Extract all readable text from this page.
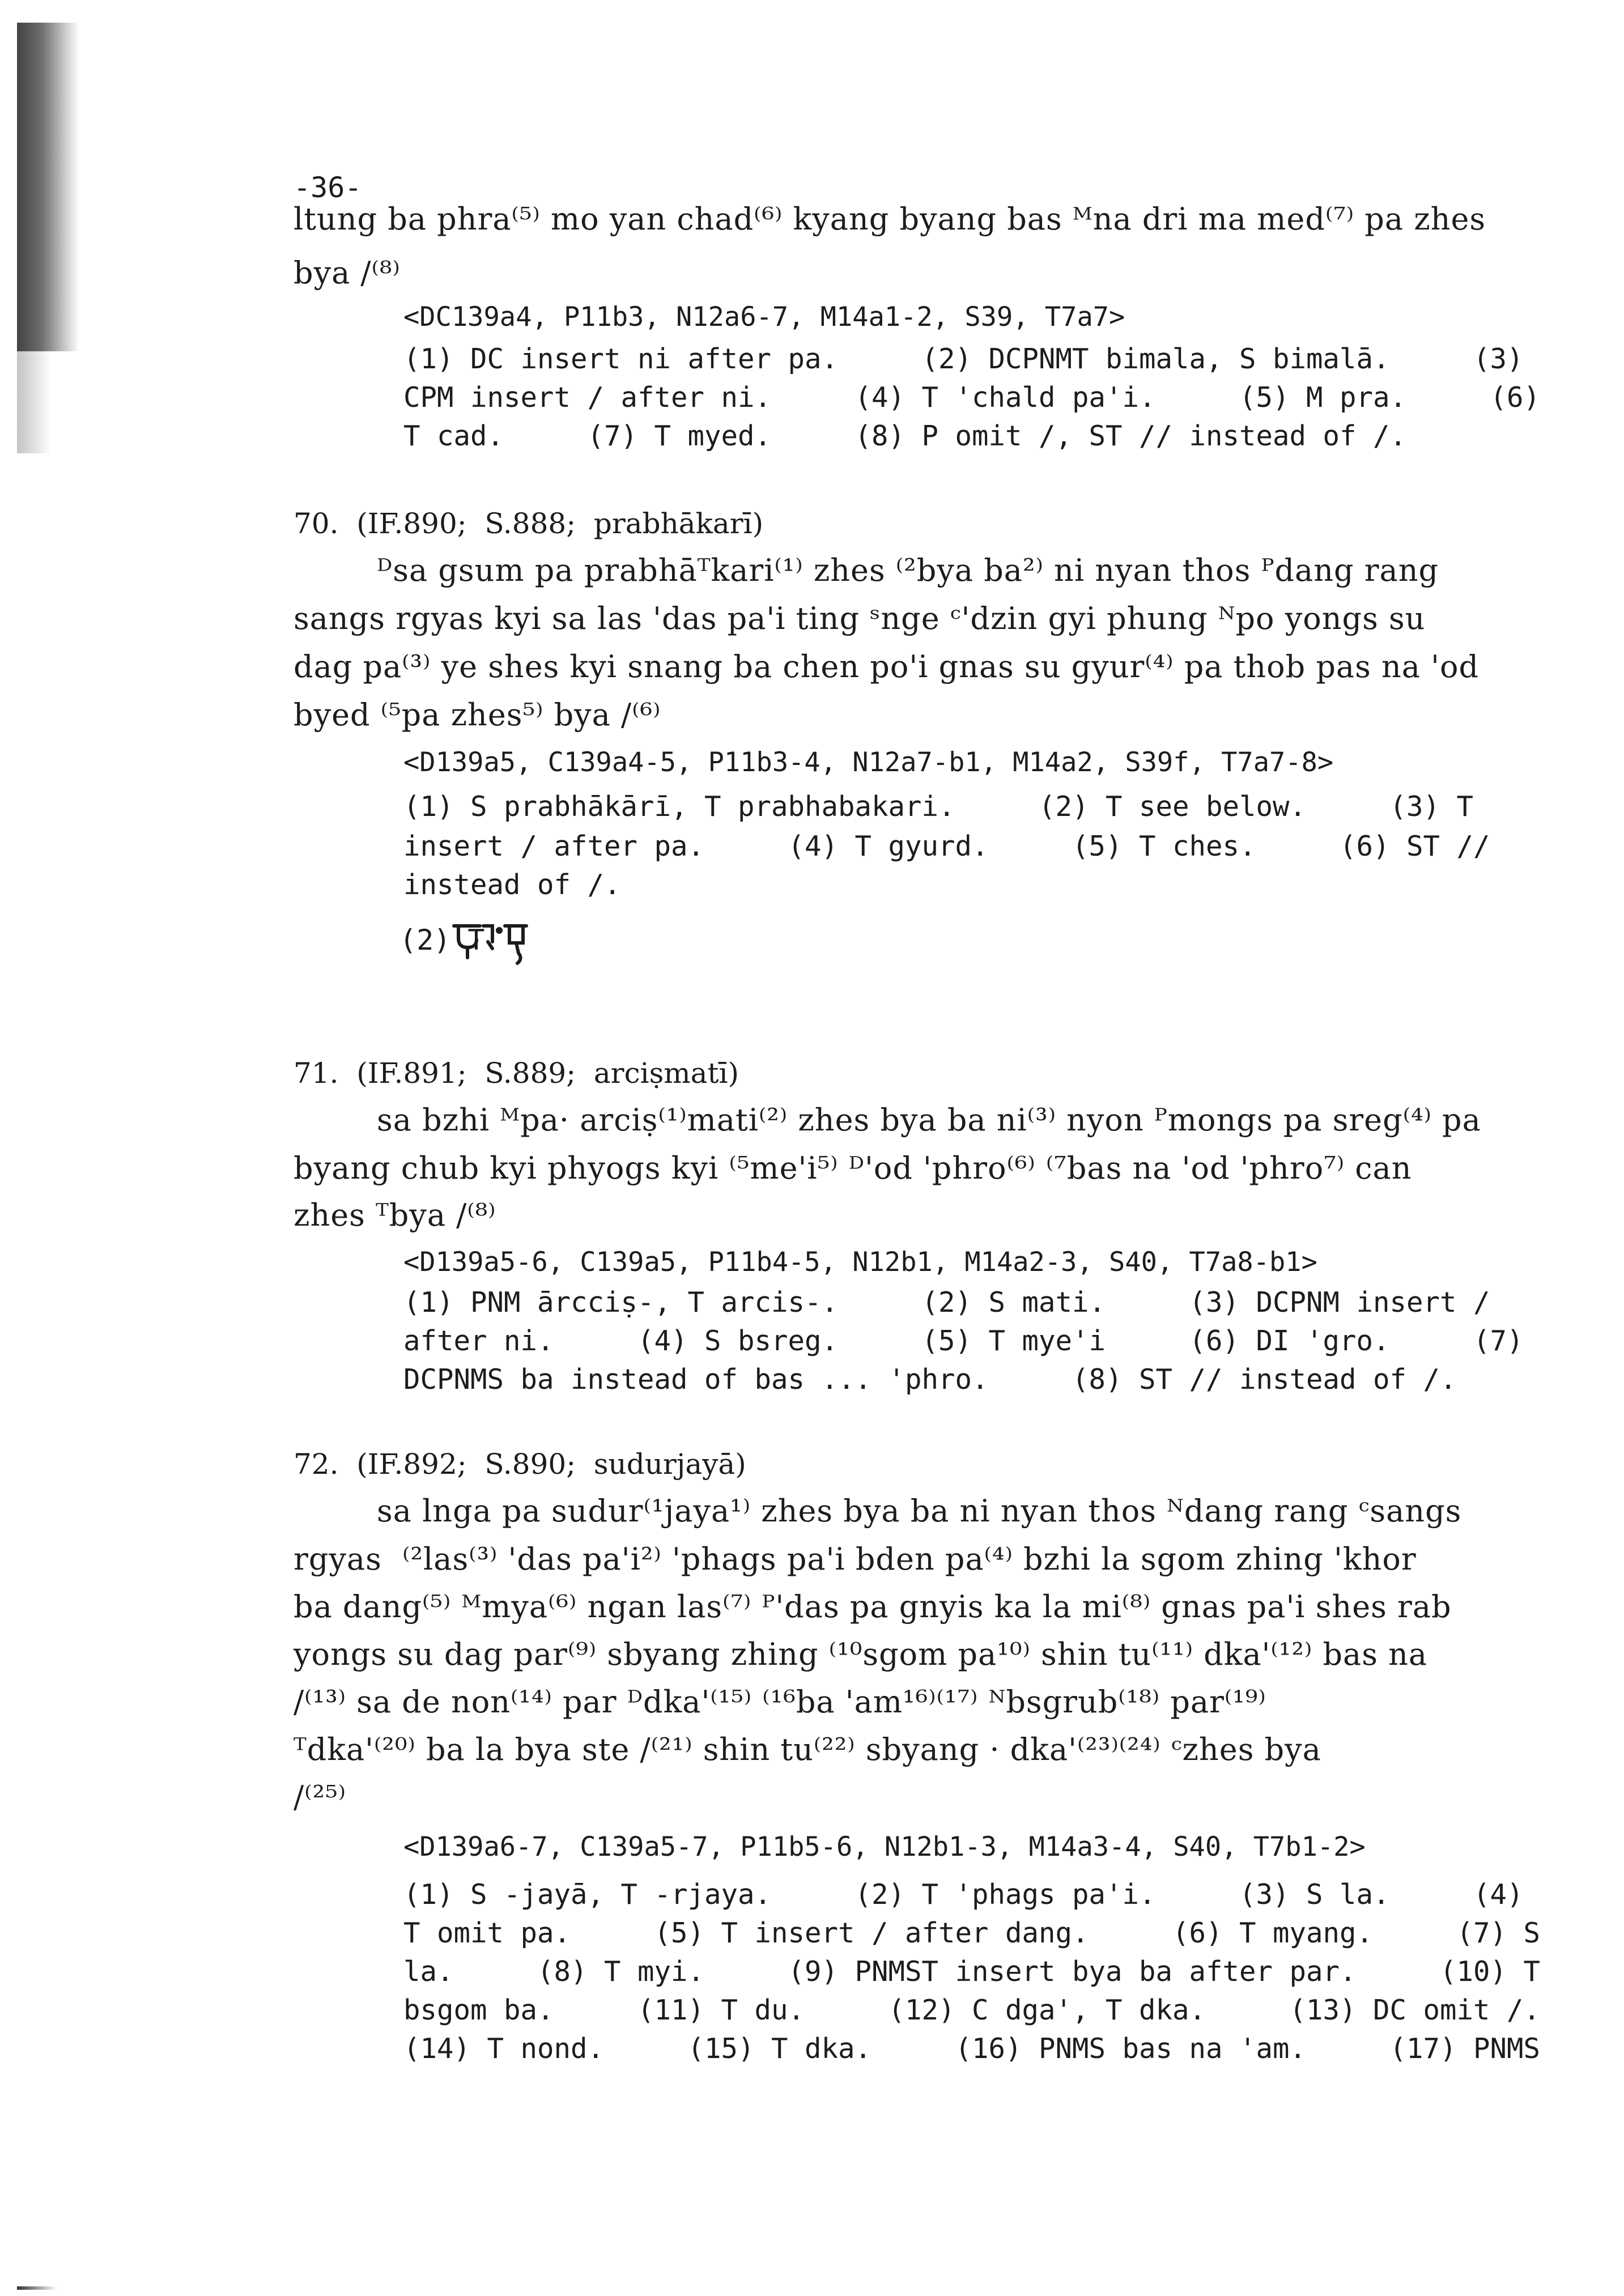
-36-
ltung ba phra⁽⁵⁾ mo yan chad⁽⁶⁾ kyang byang bas ᴹna dri ma med⁽⁷⁾ pa zhes
bya /⁽⁸⁾
<DC139a4, P11b3, N12a6-7, M14a1-2, S39, T7a7>
(1) DC insert ni after pa.     (2) DCPNMT bimala, S bimalā.     (3)
CPM insert / after ni.     (4) T 'chald pa'i.     (5) M pra.     (6)
T cad.     (7) T myed.     (8) P omit /, ST // instead of /.
70.  (IF.890;  S.888;  prabhākarī)
ᴰsa gsum pa prabhāᵀkari⁽¹⁾ zhes ⁽²bya ba²⁾ ni nyan thos ᴾdang rang
sangs rgyas kyi sa las 'das pa'i ting ˢnge ᶜ'dzin gyi phung ᴺpo yongs su
dag pa⁽³⁾ ye shes kyi snang ba chen po'i gnas su gyur⁽⁴⁾ pa thob pas na 'od
byed ⁽⁵pa zhes⁵⁾ bya /⁽⁶⁾
<D139a5, C139a4-5, P11b3-4, N12a7-b1, M14a2, S39f, T7a7-8>
(1) S prabhākārī, T prabhabakari.     (2) T see below.     (3) T
insert / after pa.     (4) T gyurd.     (5) T ches.     (6) ST //
instead of /.
(2) T
71.  (IF.891;  S.889;  arciṣmatī)
sa bzhi ᴹpa· arciṣ⁽¹⁾mati⁽²⁾ zhes bya ba ni⁽³⁾ nyon ᴾmongs pa sreg⁽⁴⁾ pa
byang chub kyi phyogs kyi ⁽⁵me'i⁵⁾ ᴰ'od 'phro⁽⁶⁾ ⁽⁷bas na 'od 'phro⁷⁾ can
zhes ᵀbya /⁽⁸⁾
<D139a5-6, C139a5, P11b4-5, N12b1, M14a2-3, S40, T7a8-b1>
(1) PNM ārcciṣ-, T arcis-.     (2) S mati.     (3) DCPNM insert /
after ni.     (4) S bsreg.     (5) T mye'i     (6) DI 'gro.     (7)
DCPNMS ba instead of bas ... 'phro.     (8) ST // instead of /.
72.  (IF.892;  S.890;  sudurjayā)
sa lnga pa sudur⁽¹jaya¹⁾ zhes bya ba ni nyan thos ᴺdang rang ᶜsangs
rgyas  ⁽²las⁽³⁾ 'das pa'i²⁾ 'phags pa'i bden pa⁽⁴⁾ bzhi la sgom zhing 'khor
ba dang⁽⁵⁾ ᴹmya⁽⁶⁾ ngan las⁽⁷⁾ ᴾ'das pa gnyis ka la mi⁽⁸⁾ gnas pa'i shes rab
yongs su dag par⁽⁹⁾ sbyang zhing ⁽¹⁰sgom pa¹⁰⁾ shin tu⁽¹¹⁾ dka'⁽¹²⁾ bas na
/⁽¹³⁾ sa de non⁽¹⁴⁾ par ᴰdka'⁽¹⁵⁾ ⁽¹⁶ba 'am¹⁶⁾⁽¹⁷⁾ ᴺbsgrub⁽¹⁸⁾ par⁽¹⁹⁾
ᵀdka'⁽²⁰⁾ ba la bya ste /⁽²¹⁾ shin tu⁽²²⁾ sbyang · dka'⁽²³⁾⁽²⁴⁾ ᶜzhes bya
/⁽²⁵⁾
<D139a6-7, C139a5-7, P11b5-6, N12b1-3, M14a3-4, S40, T7b1-2>
(1) S -jayā, T -rjaya.     (2) T 'phags pa'i.     (3) S la.     (4)
T omit pa.     (5) T insert / after dang.     (6) T myang.     (7) S
la.     (8) T myi.     (9) PNMST insert bya ba after par.     (10) T
bsgom ba.     (11) T du.     (12) C dga', T dka.     (13) DC omit /.
(14) T nond.     (15) T dka.     (16) PNMS bas na 'am.     (17) PNMS
